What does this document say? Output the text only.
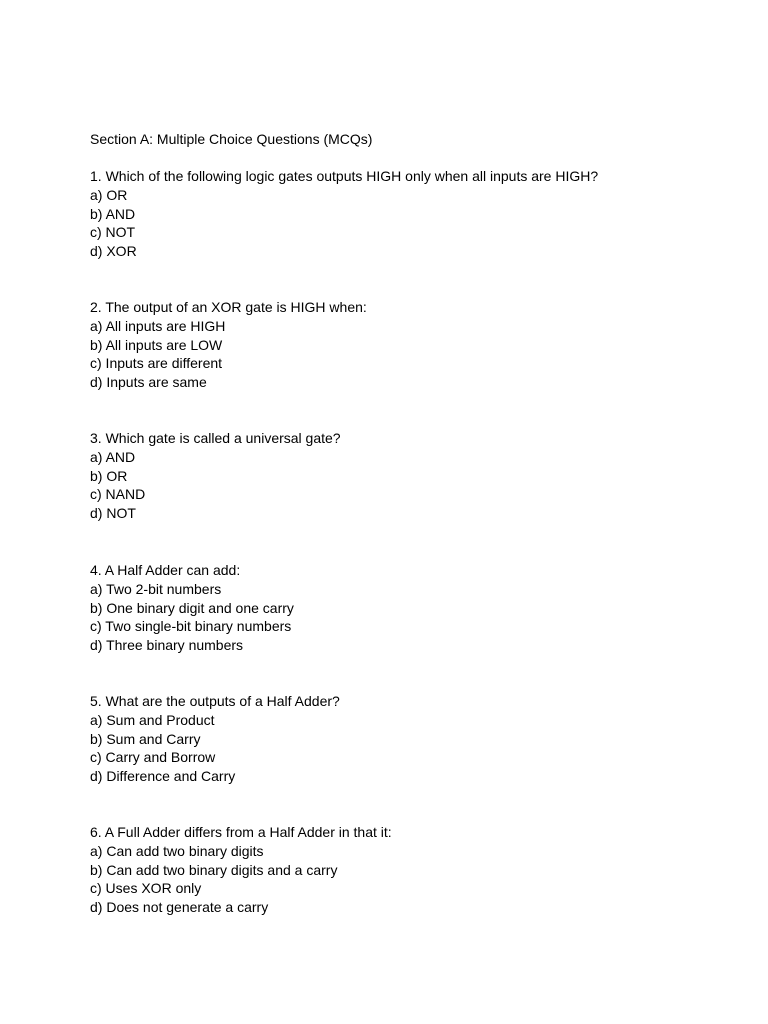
Section A: Multiple Choice Questions (MCQs)
1. Which of the following logic gates outputs HIGH only when all inputs are HIGH?
a) OR
b) AND
c) NOT
d) XOR
2. The output of an XOR gate is HIGH when:
a) All inputs are HIGH
b) All inputs are LOW
c) Inputs are different
d) Inputs are same
3. Which gate is called a universal gate?
a) AND
b) OR
c) NAND
d) NOT
4. A Half Adder can add:
a) Two 2-bit numbers
b) One binary digit and one carry
c) Two single-bit binary numbers
d) Three binary numbers
5. What are the outputs of a Half Adder?
a) Sum and Product
b) Sum and Carry
c) Carry and Borrow
d) Difference and Carry
6. A Full Adder differs from a Half Adder in that it:
a) Can add two binary digits
b) Can add two binary digits and a carry
c) Uses XOR only
d) Does not generate a carry
